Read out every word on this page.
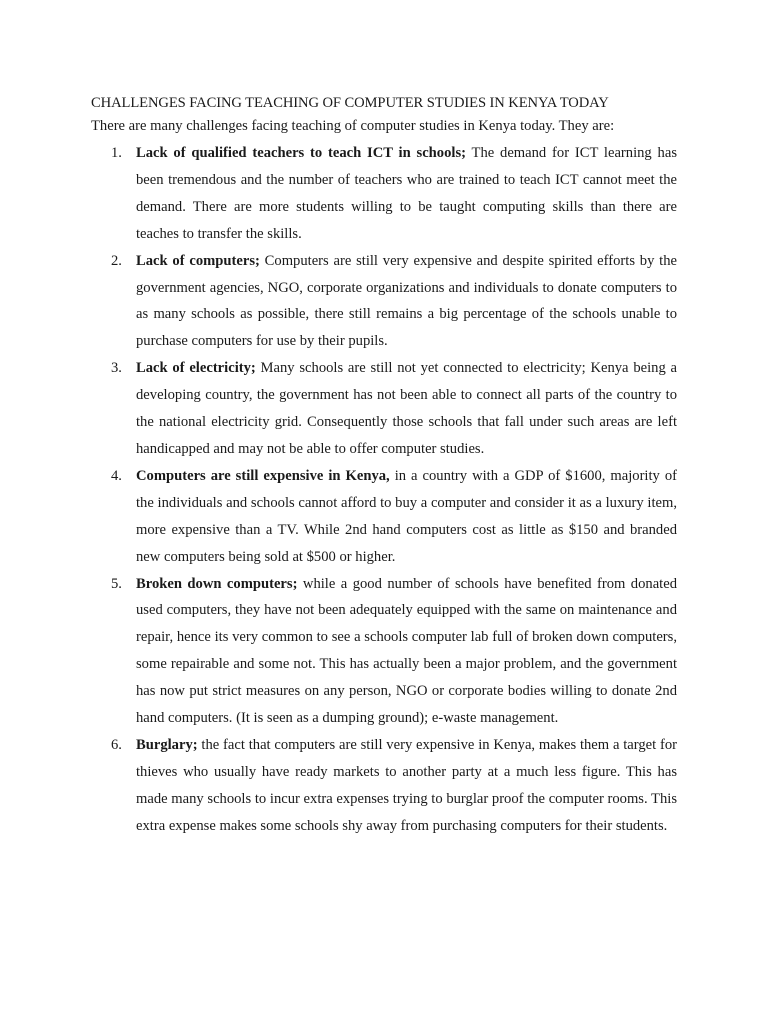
CHALLENGES FACING TEACHING OF COMPUTER STUDIES IN KENYA TODAY

There are many challenges facing teaching of computer studies in Kenya today. They are:

1. Lack of qualified teachers to teach ICT in schools; The demand for ICT learning has been tremendous and the number of teachers who are trained to teach ICT cannot meet the demand. There are more students willing to be taught computing skills than there are teaches to transfer the skills.
2. Lack of computers; Computers are still very expensive and despite spirited efforts by the government agencies, NGO, corporate organizations and individuals to donate computers to as many schools as possible, there still remains a big percentage of the schools unable to purchase computers for use by their pupils.
3. Lack of electricity; Many schools are still not yet connected to electricity; Kenya being a developing country, the government has not been able to connect all parts of the country to the national electricity grid. Consequently those schools that fall under such areas are left handicapped and may not be able to offer computer studies.
4. Computers are still expensive in Kenya, in a country with a GDP of $1600, majority of the individuals and schools cannot afford to buy a computer and consider it as a luxury item, more expensive than a TV. While 2nd hand computers cost as little as $150 and branded new computers being sold at $500 or higher.
5. Broken down computers; while a good number of schools have benefited from donated used computers, they have not been adequately equipped with the same on maintenance and repair, hence its very common to see a schools computer lab full of broken down computers, some repairable and some not. This has actually been a major problem, and the government has now put strict measures on any person, NGO or corporate bodies willing to donate 2nd hand computers. (It is seen as a dumping ground); e-waste management.
6. Burglary; the fact that computers are still very expensive in Kenya, makes them a target for thieves who usually have ready markets to another party at a much less figure. This has made many schools to incur extra expenses trying to burglar proof the computer rooms. This extra expense makes some schools shy away from purchasing computers for their students.
